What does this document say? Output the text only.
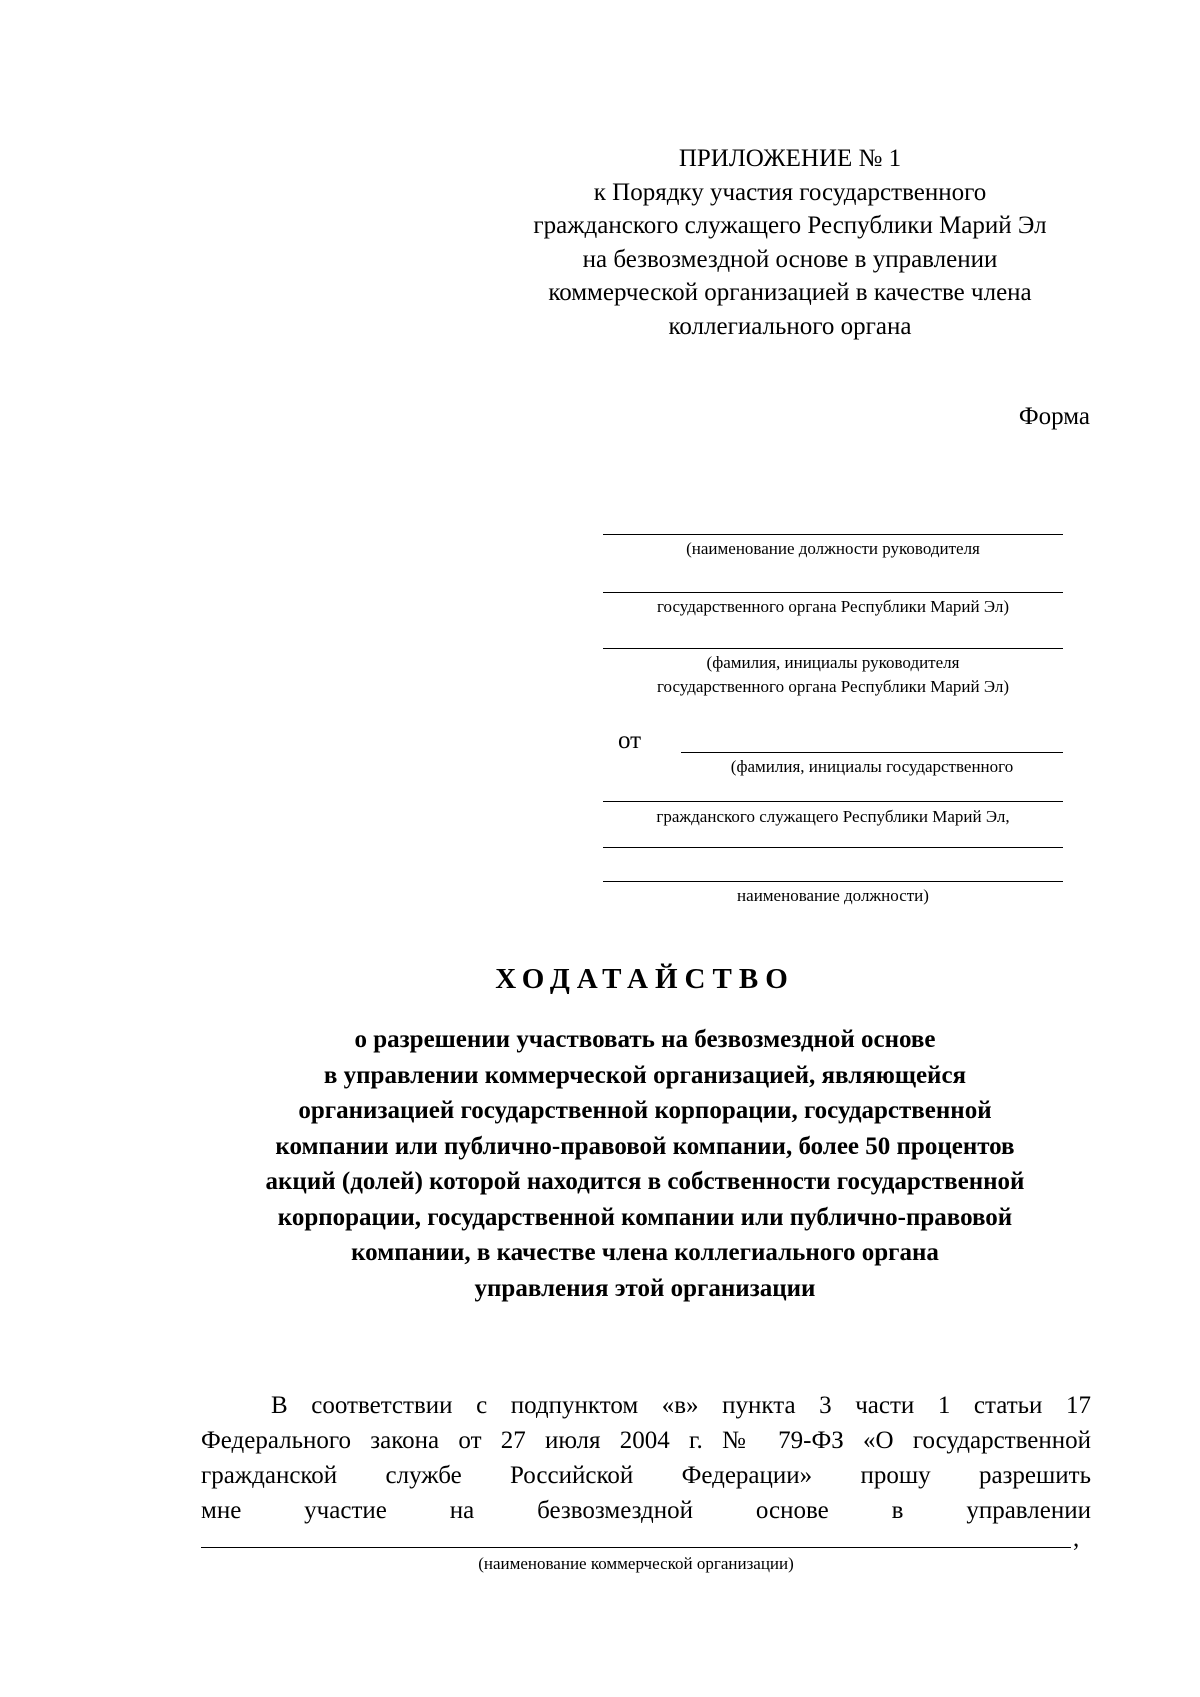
ПРИЛОЖЕНИЕ № 1
к Порядку участия государственного
гражданского служащего Республики Марий Эл
на безвозмездной основе в управлении
коммерческой организацией в качестве члена
коллегиального органа
Форма
(наименование должности руководителя
государственного органа Республики Марий Эл)
(фамилия, инициалы руководителя
государственного органа Республики Марий Эл)
от
(фамилия, инициалы государственного
гражданского служащего Республики Марий Эл,
наименование должности)
ХОДАТАЙСТВО
о разрешении участвовать на безвозмездной основе
в управлении коммерческой организацией, являющейся
организацией государственной корпорации, государственной
компании или публично-правовой компании, более 50 процентов
акций (долей) которой находится в собственности государственной
корпорации, государственной компании или публично-правовой
компании, в качестве члена коллегиального органа
управления этой организации
В соответствии с подпунктом «в» пункта 3 части 1 статьи 17
Федерального закона от 27 июля 2004 г. № 79-ФЗ «О государственной
гражданской службе Российской Федерации» прошу разрешить
мне участие на безвозмездной основе в управлении
,
(наименование коммерческой организации)
